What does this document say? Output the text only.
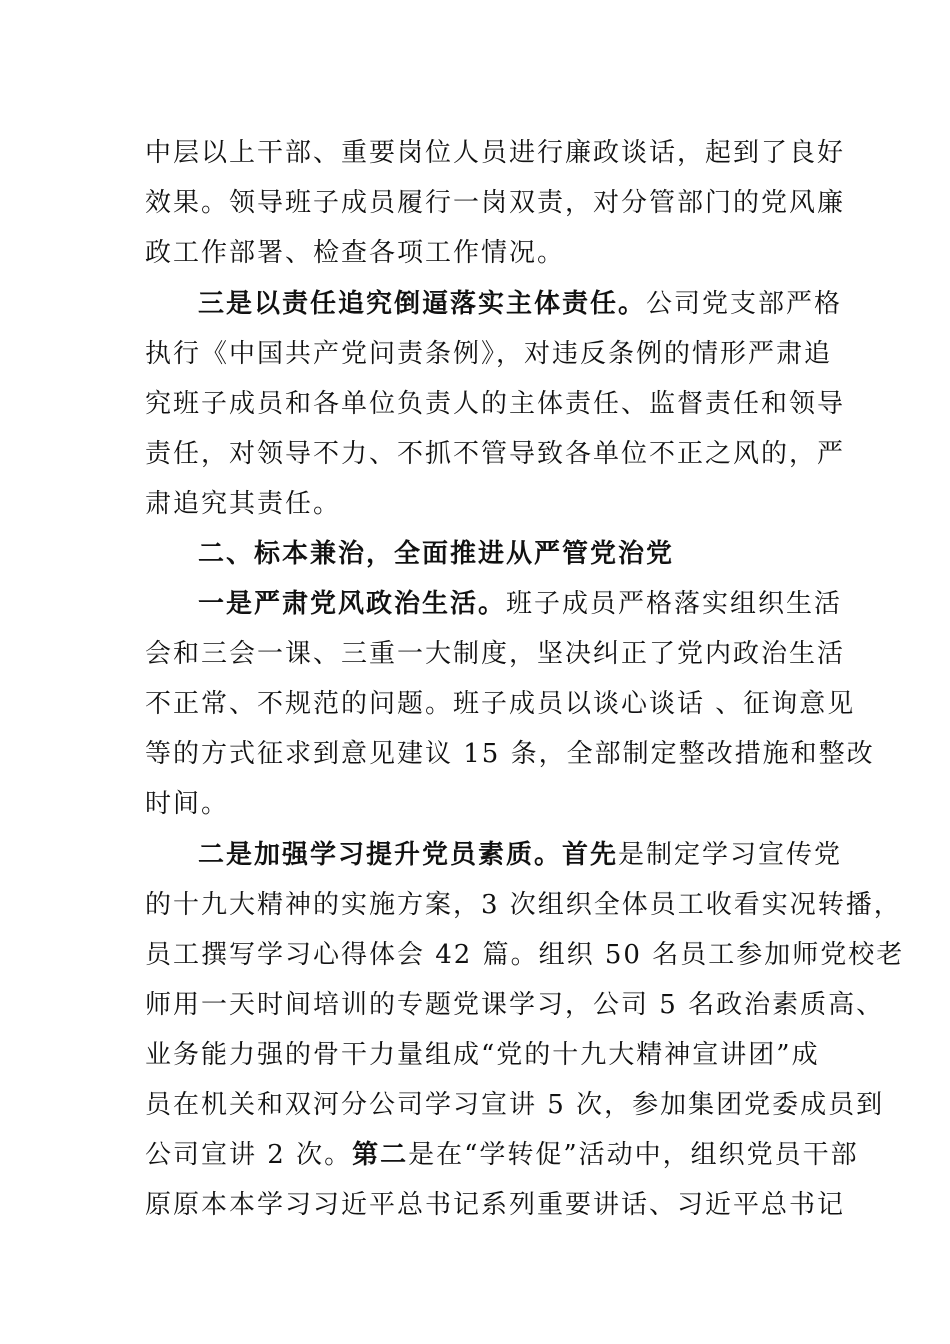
中层以上干部、重要岗位人员进行廉政谈话，起到了良好
效果。领导班子成员履行一岗双责，对分管部门的党风廉
政工作部署、检查各项工作情况。
三是以责任追究倒逼落实主体责任。公司党支部严格
执行《中国共产党问责条例》，对违反条例的情形严肃追
究班子成员和各单位负责人的主体责任、监督责任和领导
责任，对领导不力、不抓不管导致各单位不正之风的，严
肃追究其责任。
二、标本兼治，全面推进从严管党治党
一是严肃党风政治生活。班子成员严格落实组织生活
会和三会一课、三重一大制度，坚决纠正了党内政治生活
不正常、不规范的问题。班子成员以谈心谈话 、征询意见
等的方式征求到意见建议 15 条，全部制定整改措施和整改
时间。
二是加强学习提升党员素质。首先是制定学习宣传党
的十九大精神的实施方案，3 次组织全体员工收看实况转播，
员工撰写学习心得体会 42 篇。组织 50 名员工参加师党校老
师用一天时间培训的专题党课学习，公司 5 名政治素质高、
业务能力强的骨干力量组成“党的十九大精神宣讲团”成
员在机关和双河分公司学习宣讲 5 次，参加集团党委成员到
公司宣讲 2 次。第二是在“学转促”活动中，组织党员干部
原原本本学习习近平总书记系列重要讲话、习近平总书记
